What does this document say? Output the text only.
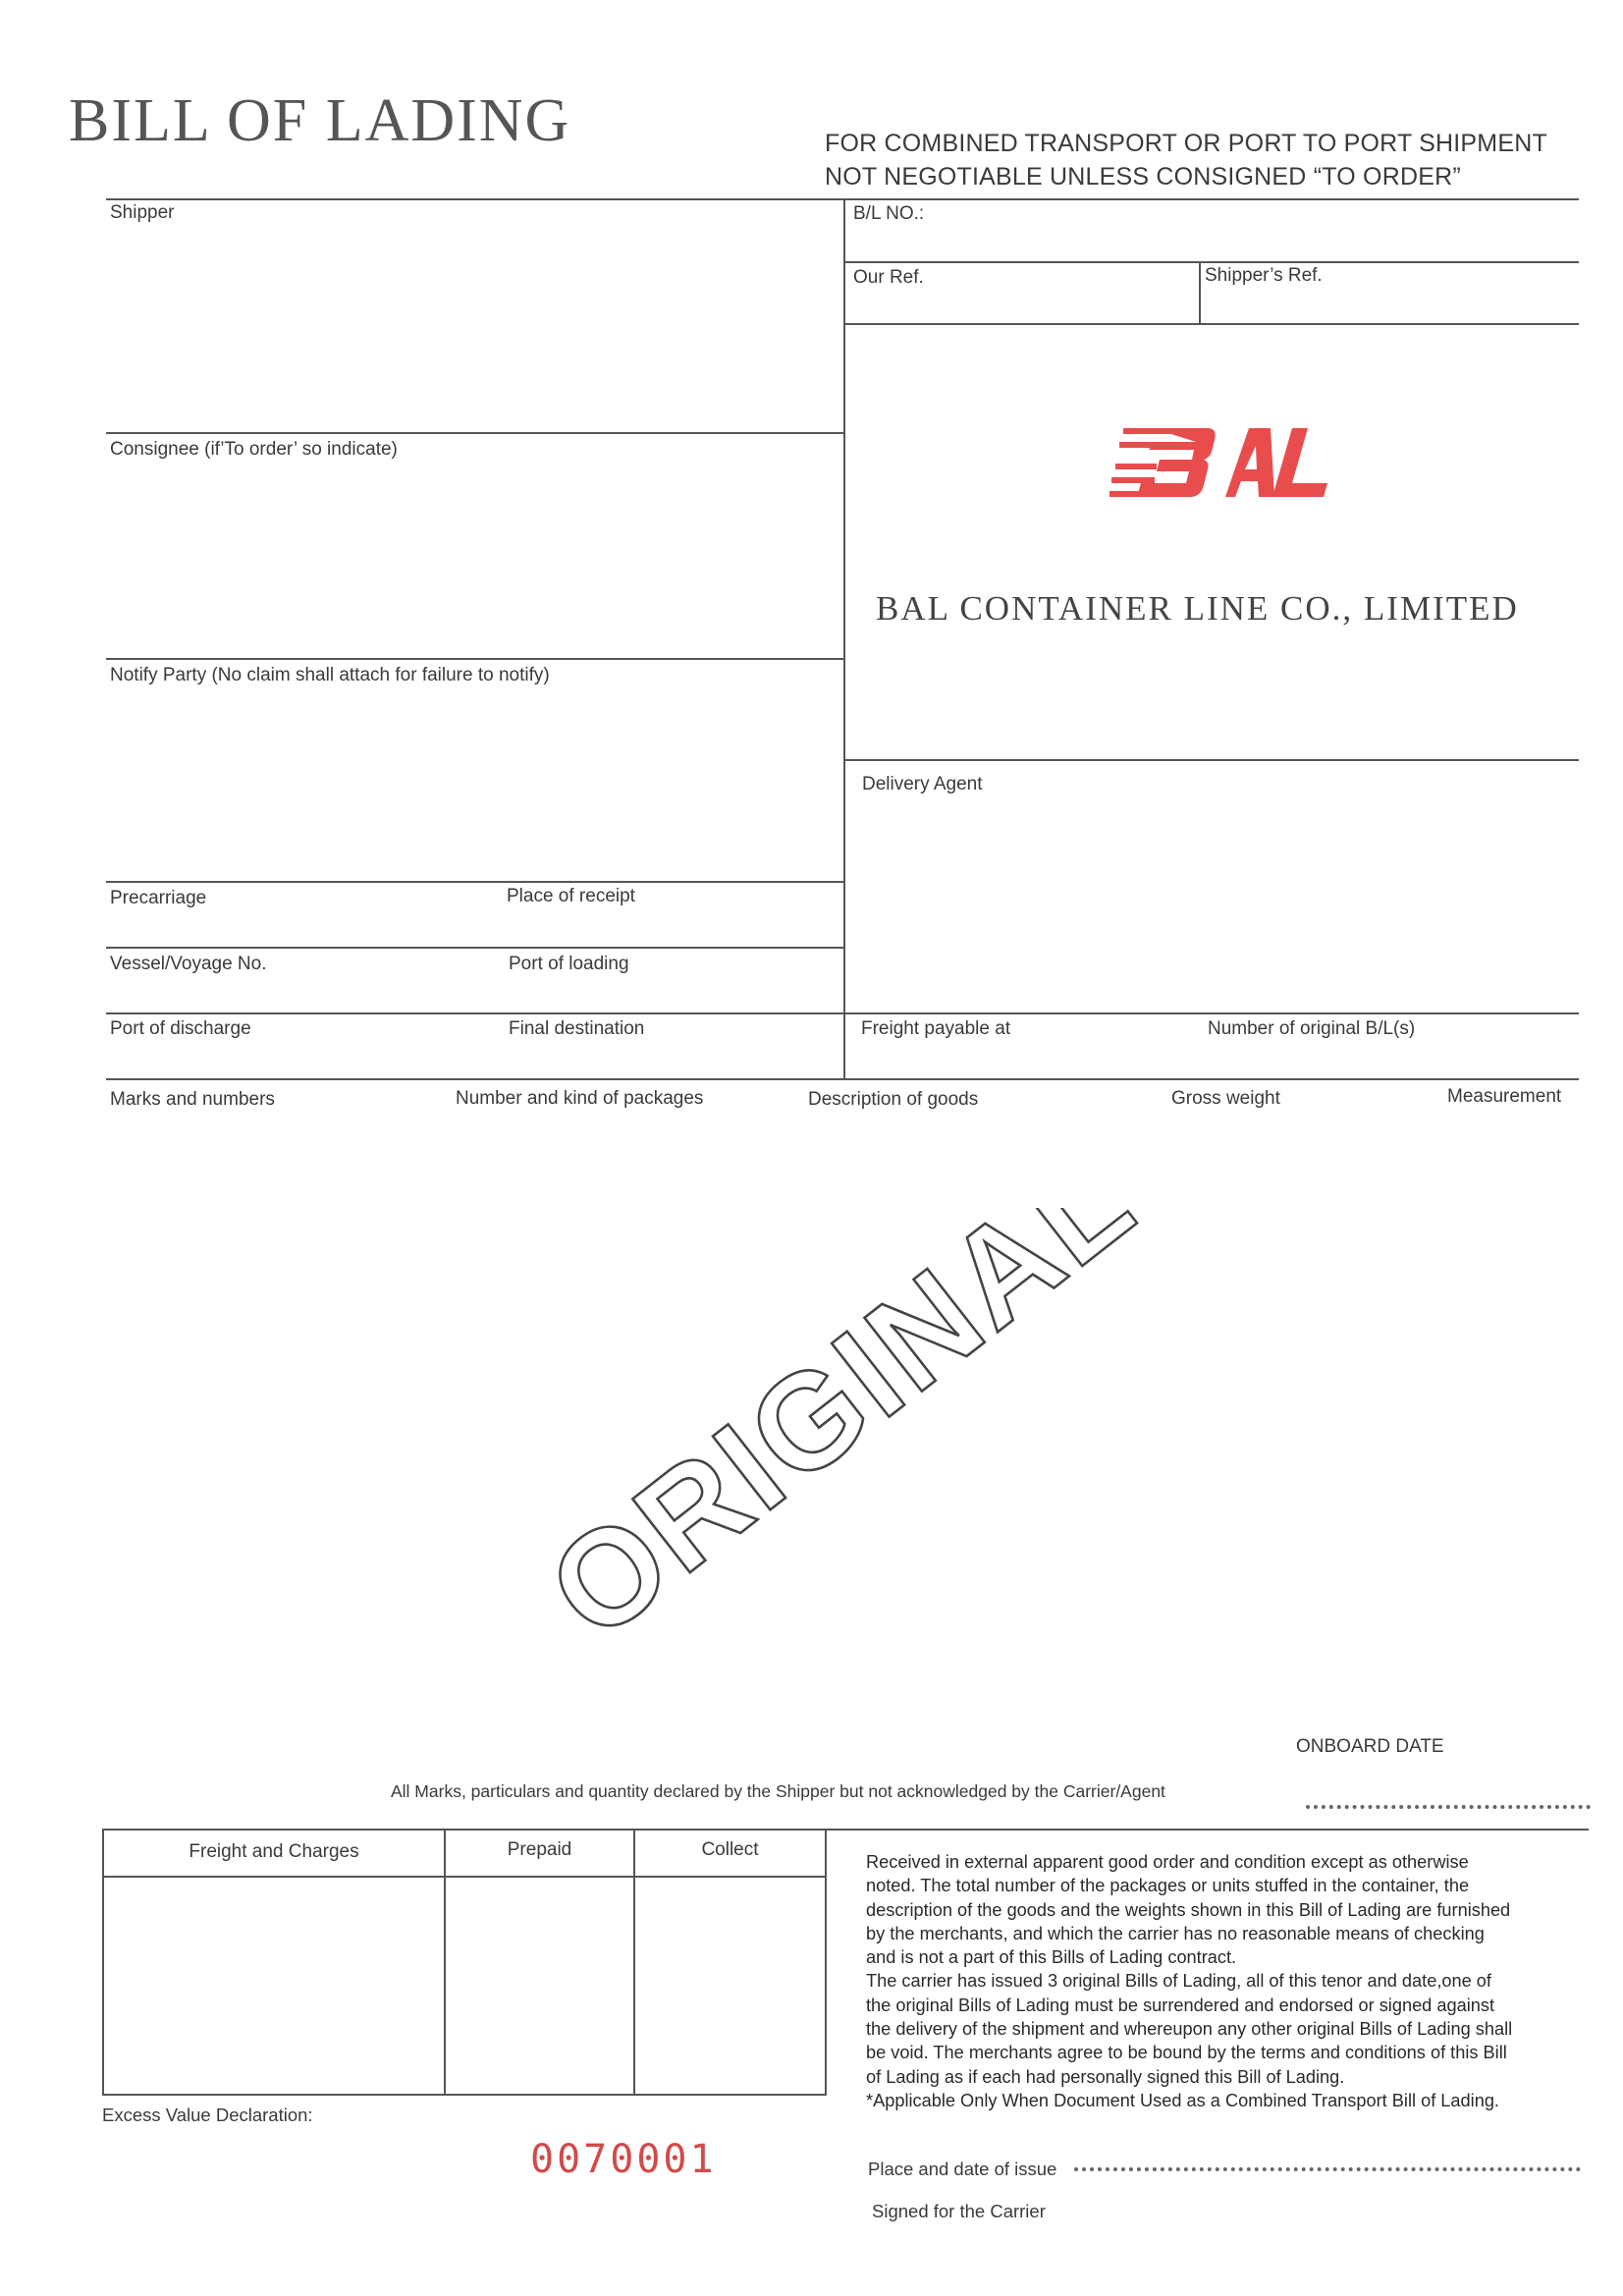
BILL OF LADING	FOR COMBINED TRANSPORT OR PORT TO PORT SHIPMENT
NOT NEGOTIABLE UNLESS CONSIGNED “TO ORDER”
Shipper
Consignee (if’To order’ so indicate)
Notify Party (No claim shall attach for failure to notify)
Precarriage	Place of receipt
Vessel/Voyage No.	Port of loading
Port of discharge	Final destination
B/L NO.:
Our Ref.	Shipper’s Ref.
Delivery Agent
Freight payable at	Number of original B/L(s)
BAL CONTAINER LINE CO., LIMITED
Marks and numbers	Number and kind of packages	Description of goods	Gross weight	Measurement
ORIGINAL
ONBOARD DATE
All Marks, particulars and quantity declared by the Shipper but not acknowledged by the Carrier/Agent
Freight and Charges	Prepaid	Collect
Excess Value Declaration:
0070001

Received in external apparent good order and condition except as otherwise noted. The total number of the packages or units stuffed in the container, the description of the goods and the weights shown in this Bill of Lading are furnished by the merchants, and which the carrier has no reasonable means of checking and is not a part of this Bills of Lading contract.

The carrier has issued 3 original Bills of Lading, all of this tenor and date,one of the original Bills of Lading must be surrendered and endorsed or signed against the delivery of the shipment and whereupon any other original Bills of Lading shall be void. The merchants agree to be bound by the terms and conditions of this Bill of Lading as if each had personally signed this Bill of Lading.

*Applicable Only When Document Used as a Combined Transport Bill of Lading.

Place and date of issue
Signed for the Carrier
